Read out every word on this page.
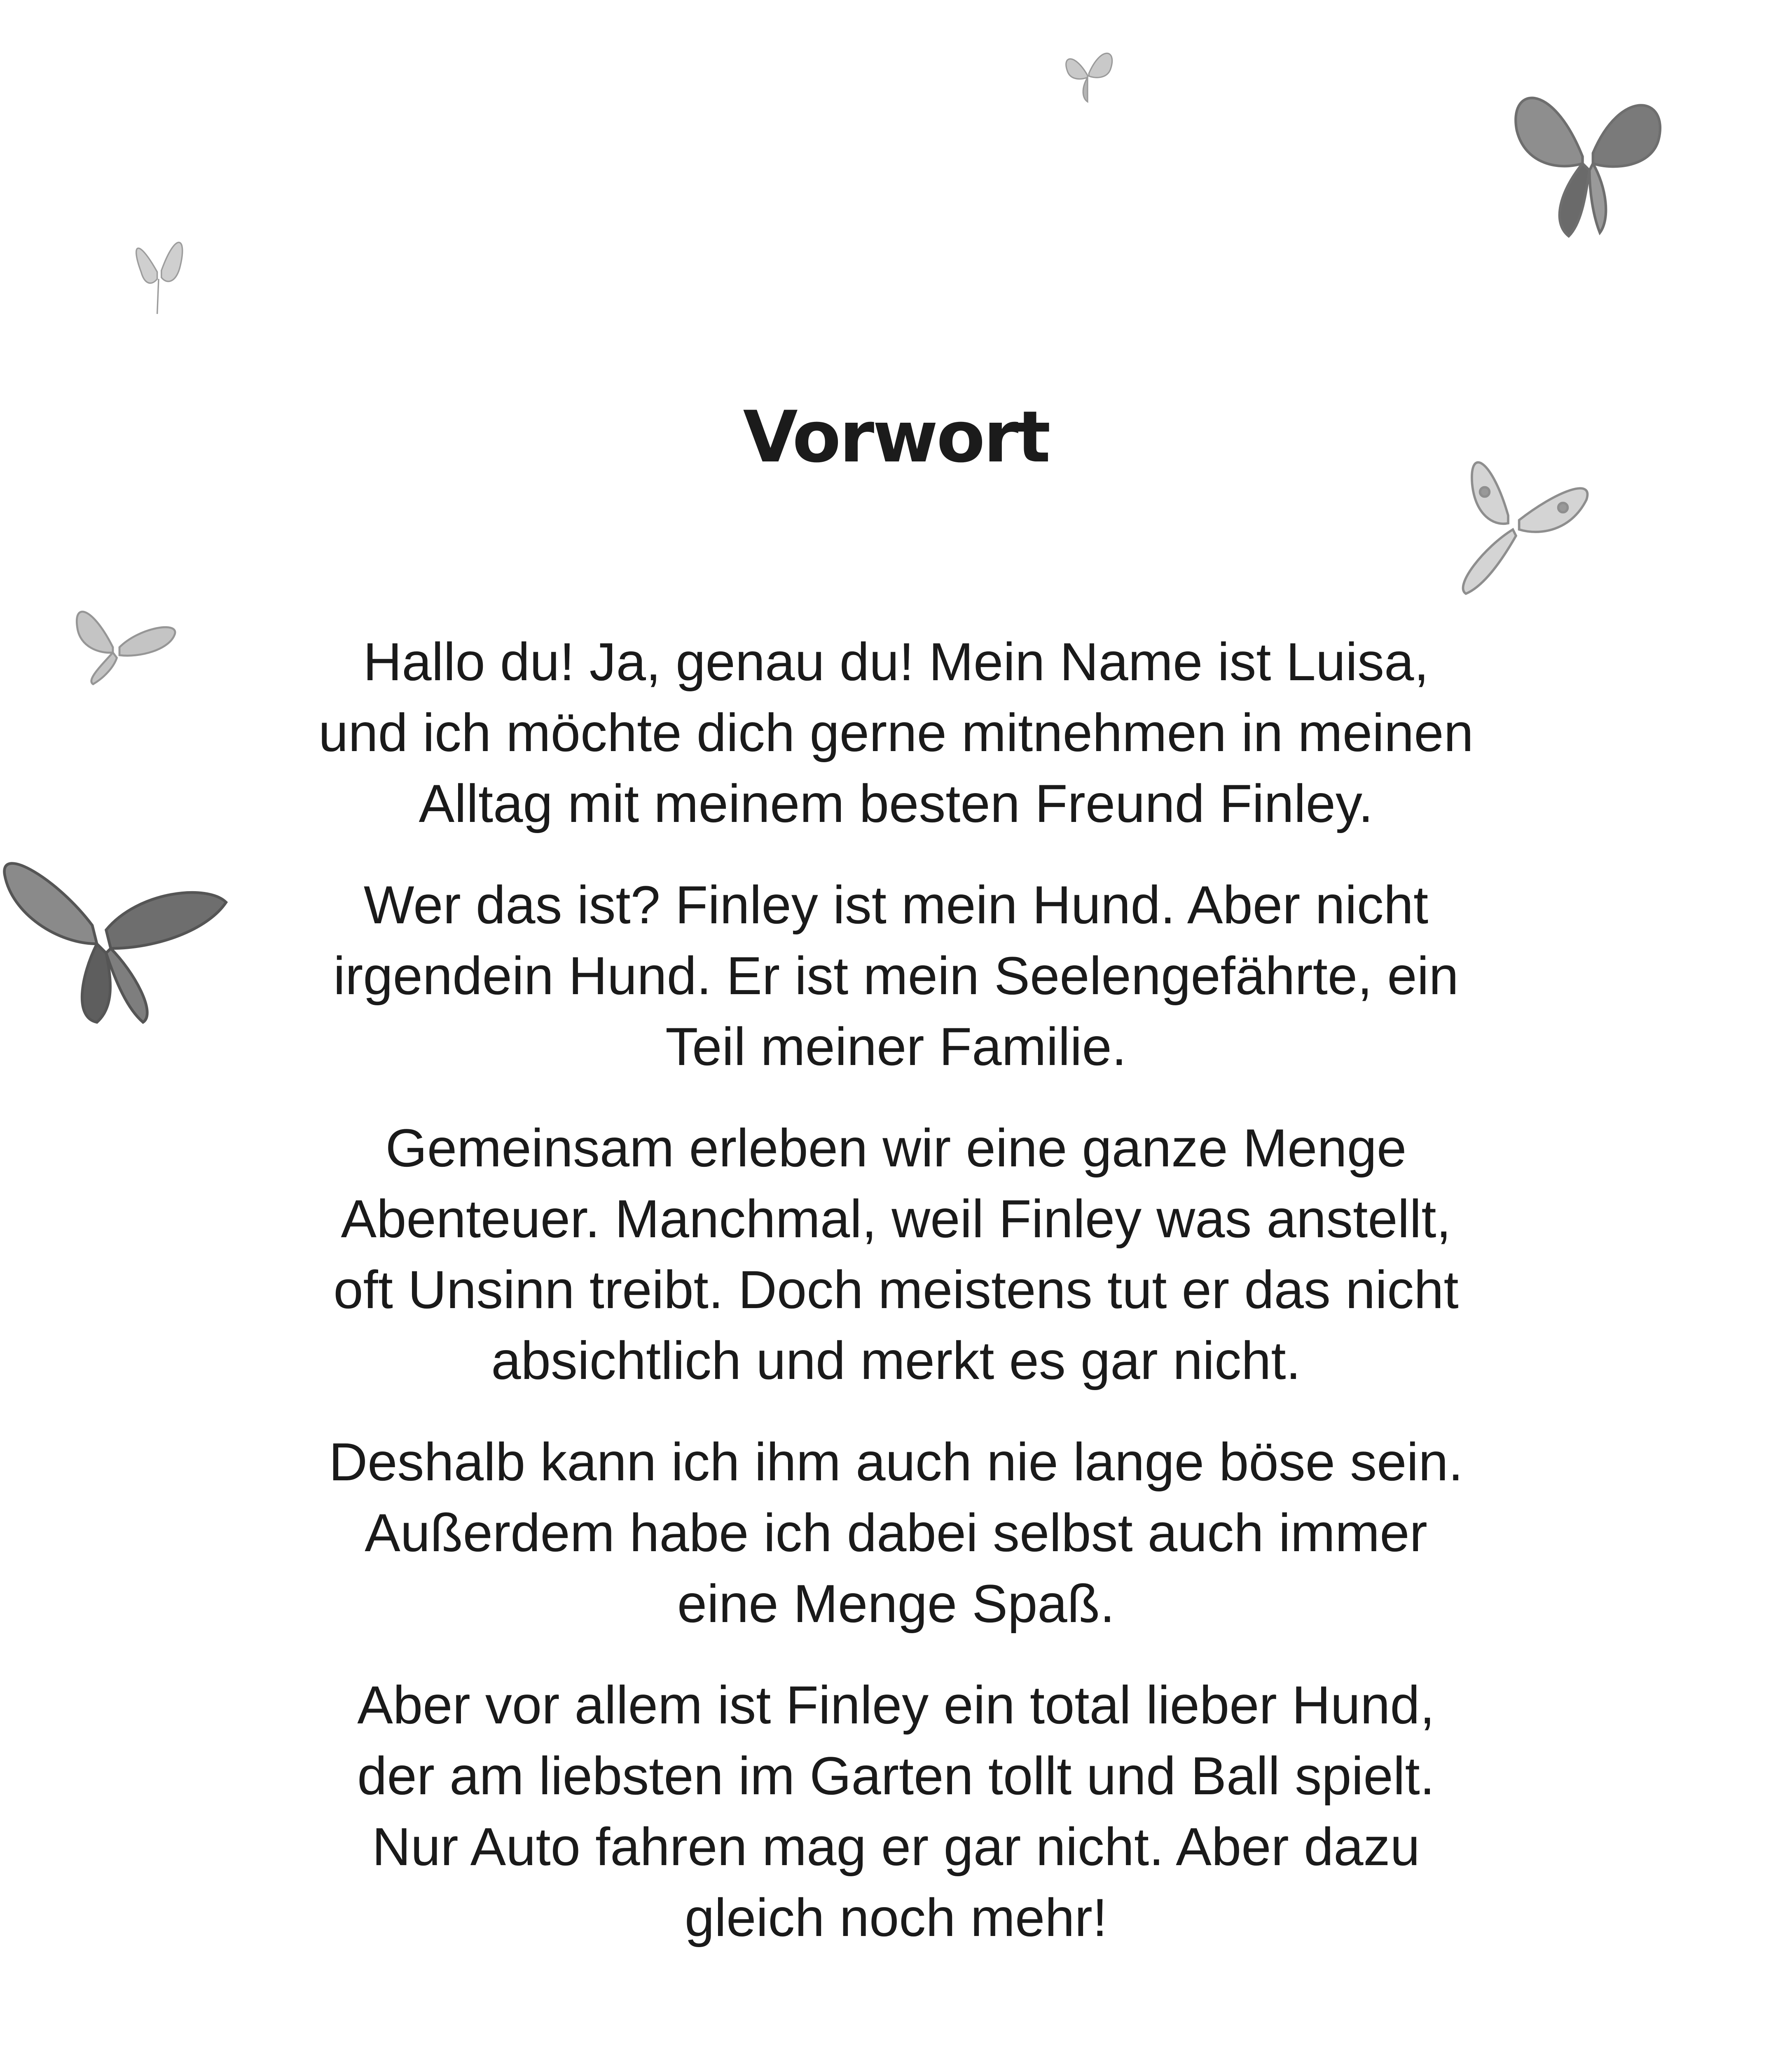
Vorwort

Hallo du! Ja, genau du! Mein Name ist Luisa,
und ich möchte dich gerne mitnehmen in meinen
Alltag mit meinem besten Freund Finley.

Wer das ist? Finley ist mein Hund. Aber nicht
irgendein Hund. Er ist mein Seelengefährte, ein
Teil meiner Familie.

Gemeinsam erleben wir eine ganze Menge
Abenteuer. Manchmal, weil Finley was anstellt,
oft Unsinn treibt. Doch meistens tut er das nicht
absichtlich und merkt es gar nicht.

Deshalb kann ich ihm auch nie lange böse sein.
Außerdem habe ich dabei selbst auch immer
eine Menge Spaß.

Aber vor allem ist Finley ein total lieber Hund,
der am liebsten im Garten tollt und Ball spielt.
Nur Auto fahren mag er gar nicht. Aber dazu
gleich noch mehr!
